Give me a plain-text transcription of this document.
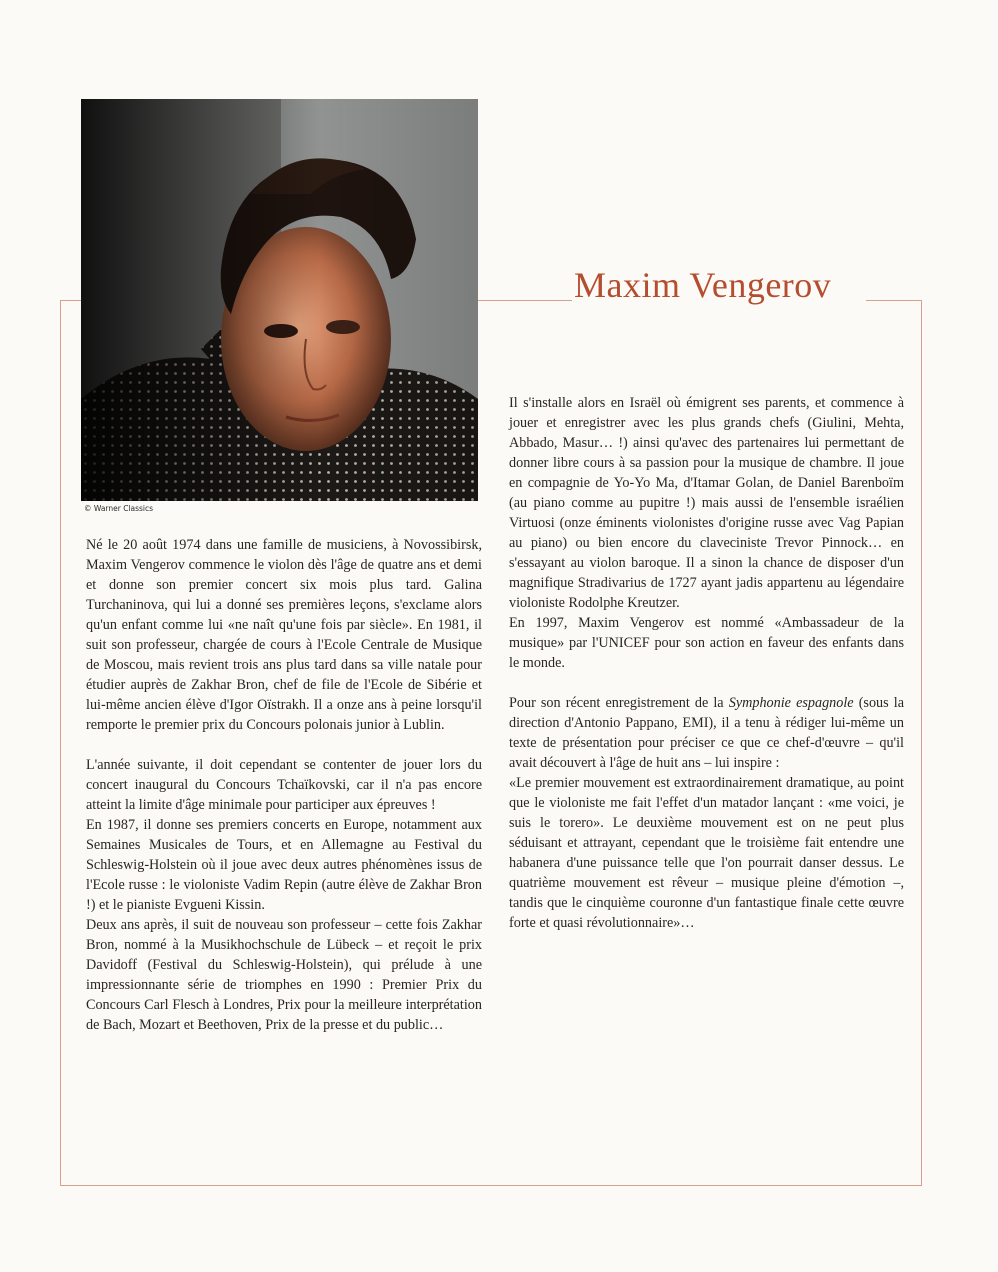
© Warner Classics
Maxim Vengerov

Né le 20 août 1974 dans une famille de musiciens, à Novossibirsk, Maxim Vengerov commence le violon dès l'âge de quatre ans et demi et donne son premier concert six mois plus tard. Galina Turchaninova, qui lui a donné ses premières leçons, s'exclame alors qu'un enfant comme lui «ne naît qu'une fois par siècle». En 1981, il suit son professeur, chargée de cours à l'Ecole Centrale de Musique de Moscou, mais revient trois ans plus tard dans sa ville natale pour étudier auprès de Zakhar Bron, chef de file de l'Ecole de Sibérie et lui-même ancien élève d'Igor Oïstrakh. Il a onze ans à peine lorsqu'il remporte le premier prix du Concours polonais junior à Lublin.

L'année suivante, il doit cependant se contenter de jouer lors du concert inaugural du Concours Tchaïkovski, car il n'a pas encore atteint la limite d'âge minimale pour participer aux épreuves !

En 1987, il donne ses premiers concerts en Europe, notamment aux Semaines Musicales de Tours, et en Allemagne au Festival du Schleswig-Holstein où il joue avec deux autres phénomènes issus de l'Ecole russe : le violoniste Vadim Repin (autre élève de Zakhar Bron !) et le pianiste Evgueni Kissin.

Deux ans après, il suit de nouveau son professeur – cette fois Zakhar Bron, nommé à la Musikhochschule de Lübeck – et reçoit le prix Davidoff (Festival du Schleswig-Holstein), qui prélude à une impressionnante série de triomphes en 1990 : Premier Prix du Concours Carl Flesch à Londres, Prix pour la meilleure interprétation de Bach, Mozart et Beethoven, Prix de la presse et du public…

Il s'installe alors en Israël où émigrent ses parents, et commence à jouer et enregistrer avec les plus grands chefs (Giulini, Mehta, Abbado, Masur… !) ainsi qu'avec des partenaires lui permettant de donner libre cours à sa passion pour la musique de chambre. Il joue en compagnie de Yo-Yo Ma, d'Itamar Golan, de Daniel Barenboïm (au piano comme au pupitre !) mais aussi de l'ensemble israélien Virtuosi (onze éminents violonistes d'origine russe avec Vag Papian au piano) ou bien encore du claveciniste Trevor Pinnock… en s'essayant au violon baroque. Il a sinon la chance de disposer d'un magnifique Stradivarius de 1727 ayant jadis appartenu au légendaire violoniste Rodolphe Kreutzer.

En 1997, Maxim Vengerov est nommé «Ambassadeur de la musique» par l'UNICEF pour son action en faveur des enfants dans le monde.

Pour son récent enregistrement de la Symphonie espagnole (sous la direction d'Antonio Pappano, EMI), il a tenu à rédiger lui-même un texte de présentation pour préciser ce que ce chef-d'œuvre – qu'il avait découvert à l'âge de huit ans – lui inspire :

«Le premier mouvement est extraordinairement dramatique, au point que le violoniste me fait l'effet d'un matador lançant : «me voici, je suis le torero». Le deuxième mouvement est on ne peut plus séduisant et attrayant, cependant que le troisième fait entendre une habanera d'une puissance telle que l'on pourrait danser dessus. Le quatrième mouvement est rêveur – musique pleine d'émotion –, tandis que le cinquième couronne d'un fantastique finale cette œuvre forte et quasi révolutionnaire»…
